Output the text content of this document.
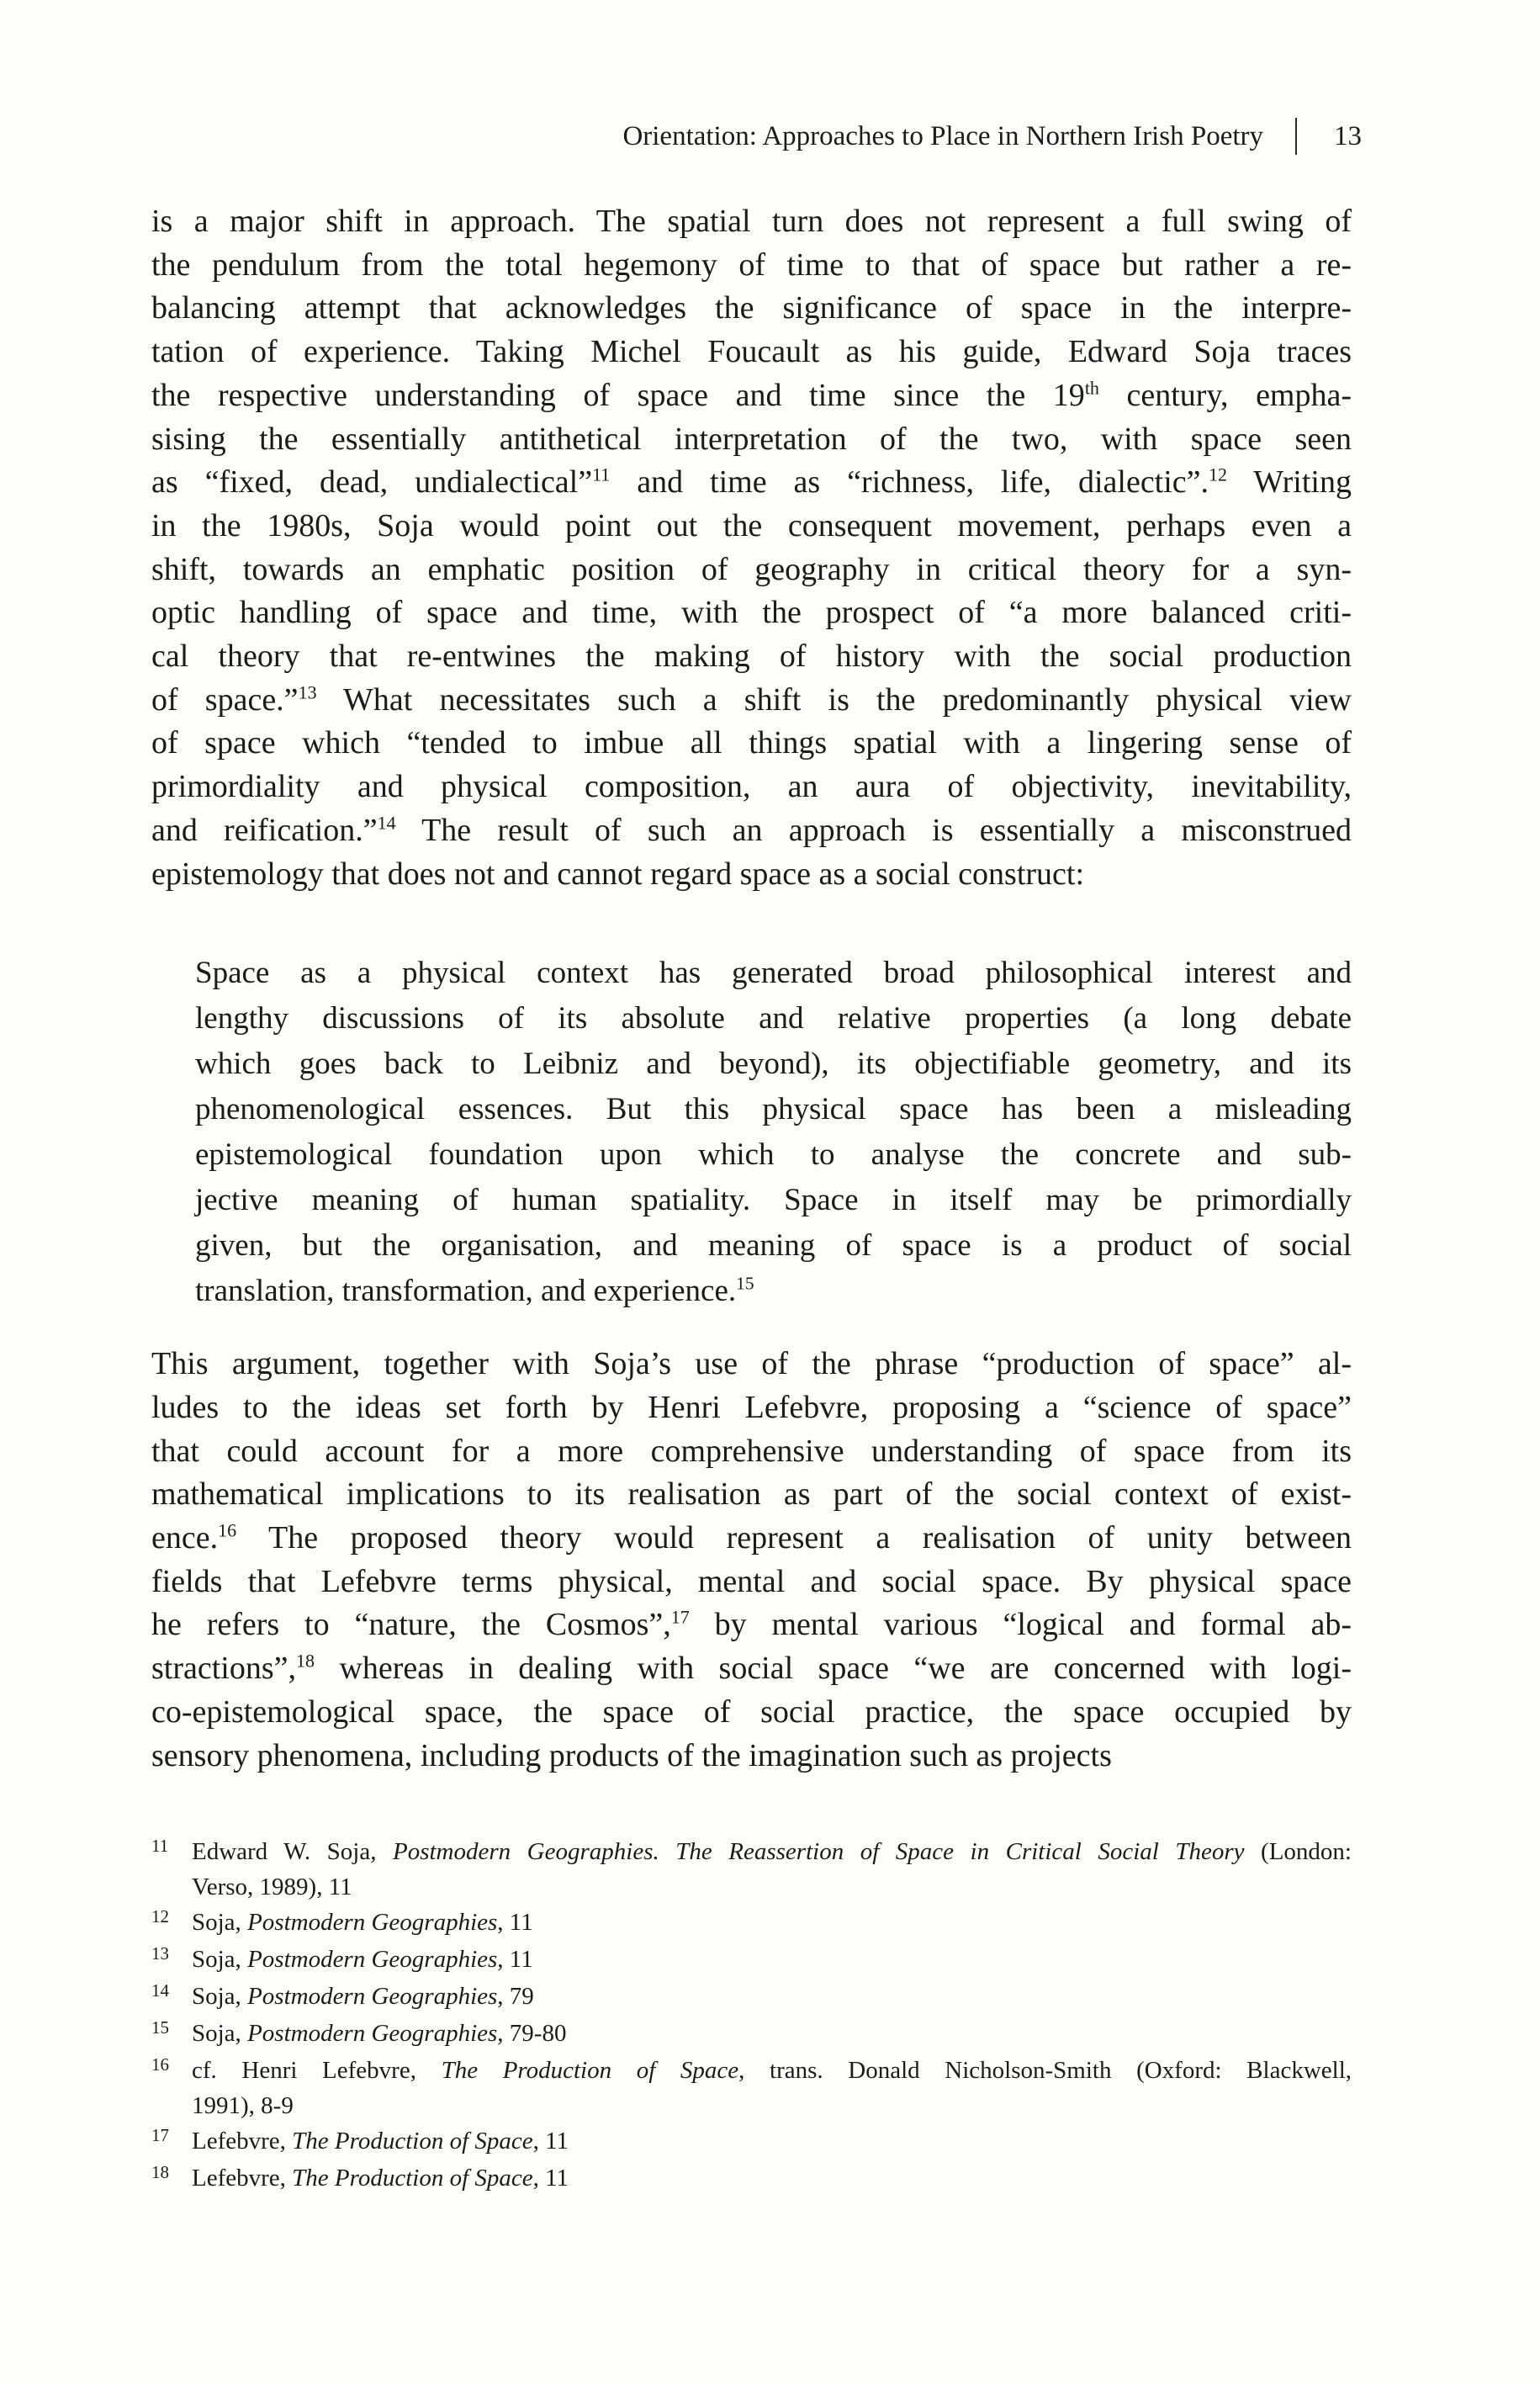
Orientation: Approaches to Place in Northern Irish Poetry	13
is a major shift in approach. The spatial turn does not represent a full swing of
the pendulum from the total hegemony of time to that of space but rather a re-
balancing attempt that acknowledges the significance of space in the interpre-
tation of experience. Taking Michel Foucault as his guide, Edward Soja traces
the respective understanding of space and time since the 19th century, empha-
sising the essentially antithetical interpretation of the two, with space seen
as “fixed, dead, undialectical”$^{11}$ and time as “richness, life, dialectic”.$^{12}$ Writing
in the 1980s, Soja would point out the consequent movement, perhaps even a
shift, towards an emphatic position of geography in critical theory for a syn-
optic handling of space and time, with the prospect of “a more balanced criti-
cal theory that re-entwines the making of history with the social production
of space.”$^{13}$ What necessitates such a shift is the predominantly physical view
of space which “tended to imbue all things spatial with a lingering sense of
primordiality and physical composition, an aura of objectivity, inevitability,
and reification.”$^{14}$ The result of such an approach is essentially a misconstrued
epistemology that does not and cannot regard space as a social construct:
Space as a physical context has generated broad philosophical interest and
lengthy discussions of its absolute and relative properties (a long debate
which goes back to Leibniz and beyond), its objectifiable geometry, and its
phenomenological essences. But this physical space has been a misleading
epistemological foundation upon which to analyse the concrete and sub-
jective meaning of human spatiality. Space in itself may be primordially
given, but the organisation, and meaning of space is a product of social
translation, transformation, and experience.$^{15}$
This argument, together with Soja’s use of the phrase “production of space” al-
ludes to the ideas set forth by Henri Lefebvre, proposing a “science of space”
that could account for a more comprehensive understanding of space from its
mathematical implications to its realisation as part of the social context of exist-
ence.$^{16}$ The proposed theory would represent a realisation of unity between
fields that Lefebvre terms physical, mental and social space. By physical space
he refers to “nature, the Cosmos”,$^{17}$ by mental various “logical and formal ab-
stractions”,$^{18}$ whereas in dealing with social space “we are concerned with logi-
co-epistemological space, the space of social practice, the space occupied by
sensory phenomena, including products of the imagination such as projects
11 Edward W. Soja, Postmodern Geographies. The Reassertion of Space in Critical Social Theory (London:
Verso, 1989), 11
12 Soja, Postmodern Geographies, 11
13 Soja, Postmodern Geographies, 11
14 Soja, Postmodern Geographies, 79
15 Soja, Postmodern Geographies, 79-80
16 cf. Henri Lefebvre, The Production of Space, trans. Donald Nicholson-Smith (Oxford: Blackwell,
1991), 8-9
17 Lefebvre, The Production of Space, 11
18 Lefebvre, The Production of Space, 11
